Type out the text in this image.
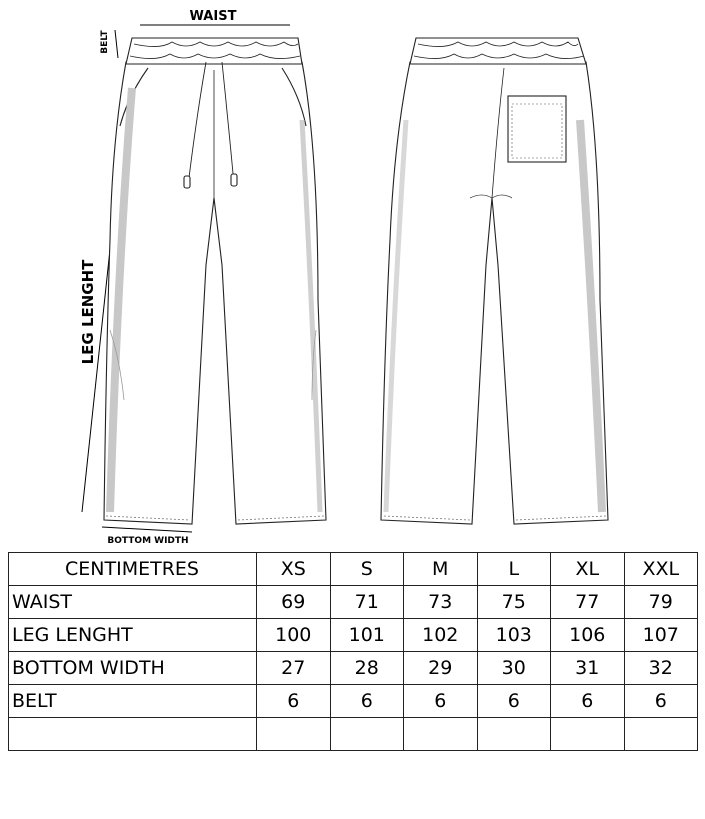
WAIST
BELT
LEG LENGHT
BOTTOM WIDTH
CENTIMETRES	XS	S	M	L	XL	XXL
WAIST	69	71	73	75	77	79
LEG LENGHT	100	101	102	103	106	107
BOTTOM WIDTH	27	28	29	30	31	32
BELT	6	6	6	6	6	6
